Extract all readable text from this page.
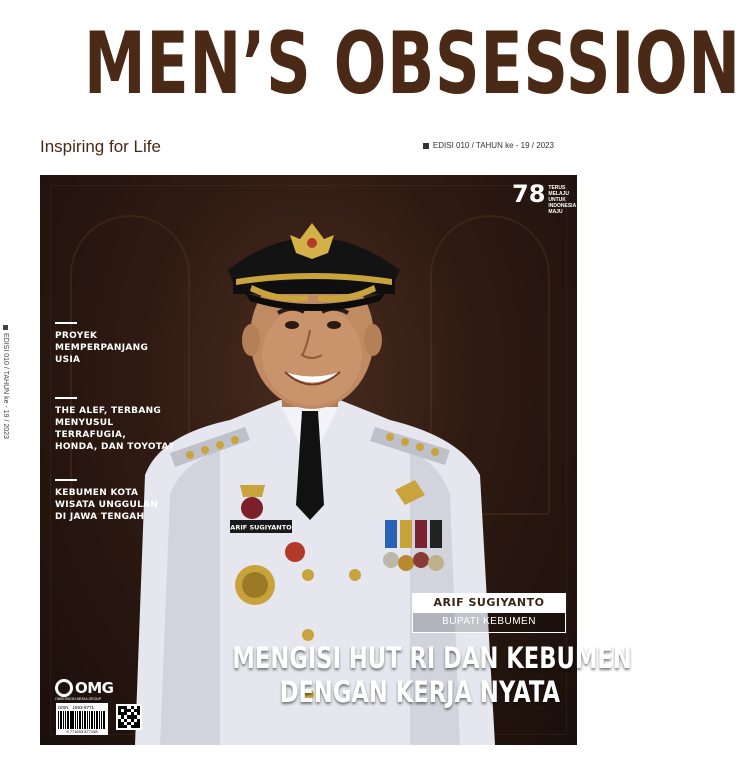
MEN’S OBSESSION
Inspiring for Life	EDISI 010 / TAHUN ke - 19 / 2023
EDISI 010 / TAHUN ke - 19 / 2023
ARIF SUGIYANTO
78 TERUS
MELAJU
UNTUK
INDONESIA
MAJU
PROYEK
MEMPERPANJANG
USIA
THE ALEF, TERBANG
MENYUSUL TERRAFUGIA,
HONDA, DAN TOYOTA?
KEBUMEN KOTA
WISATA UNGGULAN
DI JAWA TENGAH
ARIF SUGIYANTO
BUPATI KEBUMEN
MENGISI HUT RI DAN KEBUMEN
DENGAN KERJA NYATA
OMG
OBSESSION MEDIA GROUP
ISSN 1693-8771
9 771693 877158
